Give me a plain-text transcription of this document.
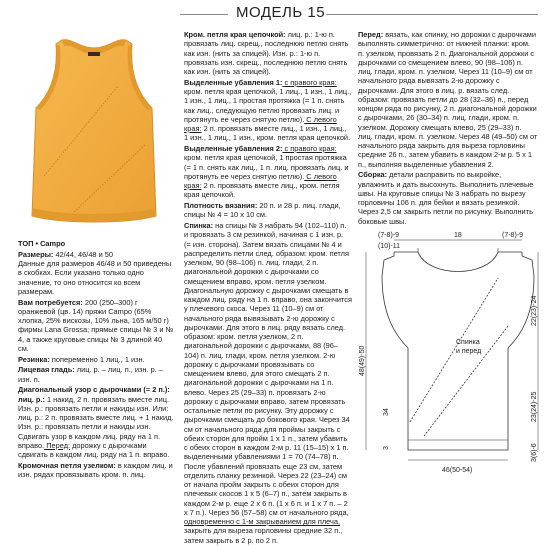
МОДЕЛЬ 15

ТОП • Campo

Размеры: 42/44, 46/48 и 50
Данные для размеров 46/48 и 50 приведены в скобках. Если указано только одно значение, то оно относится ко всем размерам.

Вам потребуется: 200 (250–300) г оранжевой (цв. 14) пряжи Campo (65% хлопка, 25% вискозы, 10% льна, 165 м/50 г) фирмы Lana Grossa; прямые спицы № 3 и № 4, а также круговые спицы № 3 длиной 40 см.

Резинка: попеременно 1 лиц., 1 изн.

Лицевая гладь: лиц. р. – лиц. п., изн. р. – изн. п.

Диагональный узор с дырочками (= 2 п.): лиц. р.: 1 накид, 2 п. провязать вместе лиц. Изн. р.: провязать петли и накиды изн. Или: лиц. р.: 2 п. провязать вместе лиц. + 1 накид. Изн. р.: провязать петли и накиды изн. Сдвигать узор в каждом лиц. ряду на 1 п. вправо. Перед: дорожку с дырочками сдвигать в каждом лиц. ряду на 1 п. вправо.

Кромочная петля узелком: в каждом лиц. и изн. рядах провязывать кром. п. лиц.

Кром. петля края цепочкой: лиц. р.: 1-ю п. провязать лиц. скрещ., последнюю петлю снять как изн. (нить за спицей). Изн. р.: 1-ю п. провязать изн. скрещ., последнюю петлю снять как изн. (нить за спицей).

Выделенные убавления 1: с правого края: кром. петля края цепочкой, 1 лиц., 1 изн., 1 лиц., 1 изн., 1 лиц., 1 простая протяжка (= 1 п. снять как лиц., следующую петлю провязать лиц. и протянуть ее через снятую петлю). С левого края: 2 п. провязать вместе лиц., 1 изн., 1 лиц., 1 изн., 1 лиц., 1 изн., кром. петля края цепочкой.

Выделенные убавления 2: с правого края: кром. петля края цепочкой, 1 простая протяжка (= 1 п. снять как лиц., 1 п. лиц. провязать лиц. и протянуть ее через снятую петлю). С левого края: 2 п. провязать вместе лиц., кром. петля края цепочкой.

Плотность вязания: 20 п. и 28 р. лиц. глади, спицы № 4 = 10 x 10 см.

Спинка: на спицы № 3 набрать 94 (102–110) п. и провязать 3 см резинкой, начиная с 1 изн. р. (= изн. сторона). Затем вязать спицами № 4 и распределить петли след. образом: кром. петля узелком, 90 (98–106) п. лиц. глади, 2 п. диагональной дорожки с дырочками со смещением вправо, кром. петля узелком. Диагональную дорожку с дырочками смещать в каждом лиц. ряду на 1 п. вправо, она закончится у плечевого скоса. Через 11 (10–9) см от начального ряда вывязывать 2-ю дорожку с дырочками. Для этого в лиц. ряду вязать след. образом: кром. петля узелком, 2 п. диагональной дорожки с дырочками, 88 (96–104) п. лиц. глади, кром. петля узелком. 2-ю дорожку с дырочками провязывать со смещением влево, для этого смещать 2 п. диагональной дорожки с дырочками на 1 п. влево. Через 25 (29–33) п. провязать 2-ю дорожку с дырочками вправо, затем провязать остальные петли по рисунку. Эту дорожку с дырочками смещать до бокового края. Через 34 см от начального ряда для проймы закрыть с обеих сторон для пройм 1 x 1 п., затем убавить с обеих сторон в каждом 2-м р. 11 (15–15) x 1 п. выделенными убавлениями 1 = 70 (74–78) п. После убавлений провязать еще 23 см, затем отделить планку резинкой. Через 22 (23–24) см от начала пройм закрыть с обеих сторон для плечевых скосов 1 x 5 (6–7) п., затем закрыть в каждом 2-м р. еще 2 x 6 п. (1 x 6 п. и 1 x 7 п. – 2 x 7 п.). Через 56 (57–58) см от начального ряда, одновременно с 1-м закрыванием для плеча, закрыть для выреза горловины средние 32 п., затем закрыть в 2 р. по 2 п.

Перед: вязать, как спинку, но дорожки с дырочками выполнять симметрично: от нижней планки: кром. п. узелком, провязать 2 п. Диагональной дорожки с дырочками со смещением влево, 90 (98–106) п. лиц. глади, кром. п. узелком. Через 11 (10–9) см от начального ряда вывязать 2-ю дорожку с дырочками. Для этого в лиц. р. вязать след. образом: провязать петли до 28 (32–36) п., перед концом ряда по рисунку, 2 п. диагональной дорожки с дырочками, 26 (30–34) п. лиц. глади, кром. п. узелком. Дорожку смещать влево, 25 (29–33) п. лиц. глади, кром. п. узелком. Через 48 (49–50) см от начального ряда закрыть для выреза горловины средние 26 п., затем убавить в каждом 2-м р. 5 x 1 п., выполняя выделенные убавления 2.

Сборка: детали расправить по выкройке, увлажнить и дать высохнуть. Выполнить плечевые швы. На круговые спицы № 3 набрать по вырезу горловины 106 п. для бейки и вязать резинкой. Через 2,5 см закрыть петли по рисунку. Выполнить боковые швы.

(7-8)-9
(10)-11
18	(7-8)-9
22(23)-24
23(24)-25
3(6)-6
48(49)-50
34
3
46(50-54)
Спинка
и перед
